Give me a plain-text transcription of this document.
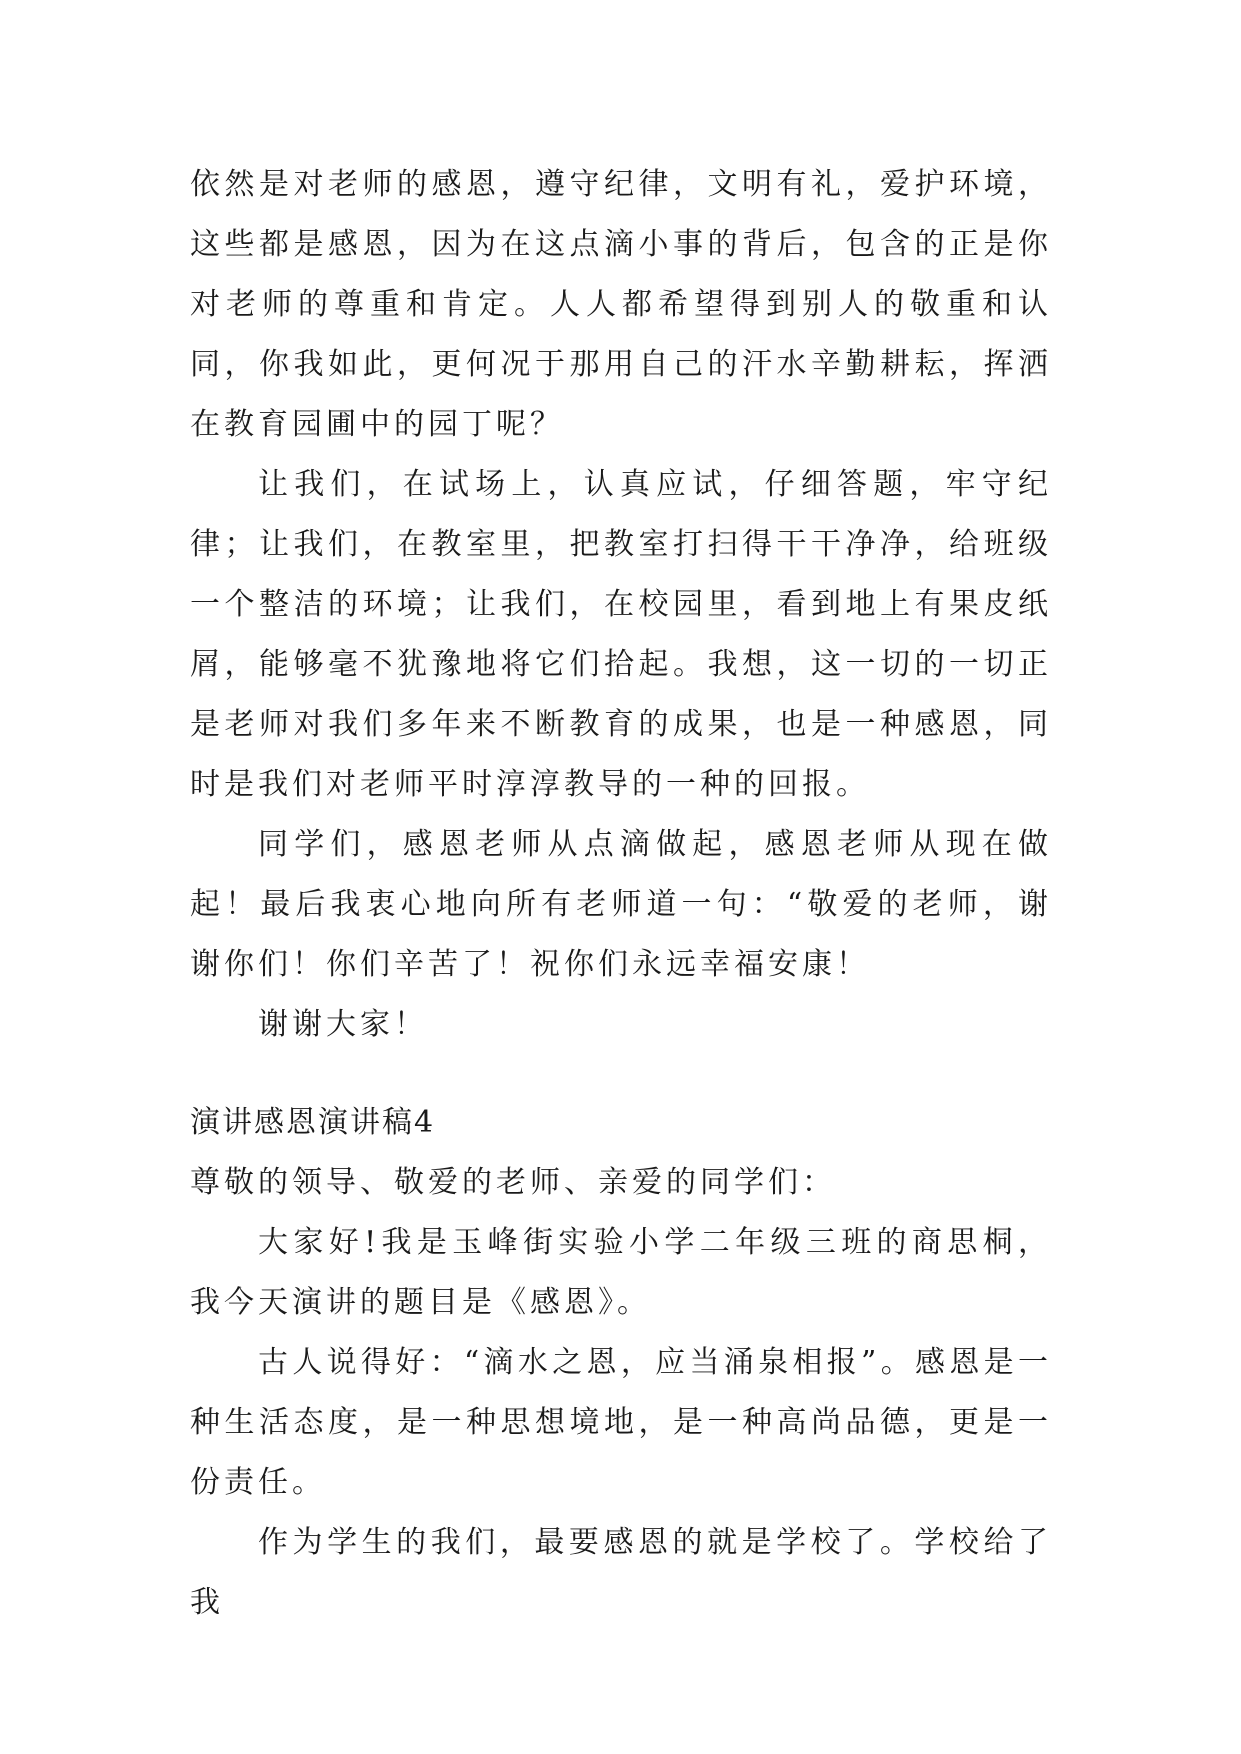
依然是对老师的感恩，遵守纪律，文明有礼，爱护环境，这些都是感恩，因为在这点滴小事的背后，包含的正是你对老师的尊重和肯定。人人都希望得到别人的敬重和认同，你我如此，更何况于那用自己的汗水辛勤耕耘，挥洒在教育园圃中的园丁呢？

让我们，在试场上，认真应试，仔细答题，牢守纪律；让我们，在教室里，把教室打扫得干干净净，给班级一个整洁的环境；让我们，在校园里，看到地上有果皮纸屑，能够毫不犹豫地将它们拾起。我想，这一切的一切正是老师对我们多年来不断教育的成果，也是一种感恩，同时是我们对老师平时淳淳教导的一种的回报。

同学们，感恩老师从点滴做起，感恩老师从现在做起！最后我衷心地向所有老师道一句：“敬爱的老师，谢谢你们！你们辛苦了！祝你们永远幸福安康！

谢谢大家！

演讲感恩演讲稿4

尊敬的领导、敬爱的老师、亲爱的同学们：

大家好!我是玉峰街实验小学二年级三班的商思桐，我今天演讲的题目是《感恩》。

古人说得好：“滴水之恩，应当涌泉相报”。感恩是一种生活态度，是一种思想境地，是一种高尚品德，更是一份责任。

作为学生的我们，最要感恩的就是学校了。学校给了我
